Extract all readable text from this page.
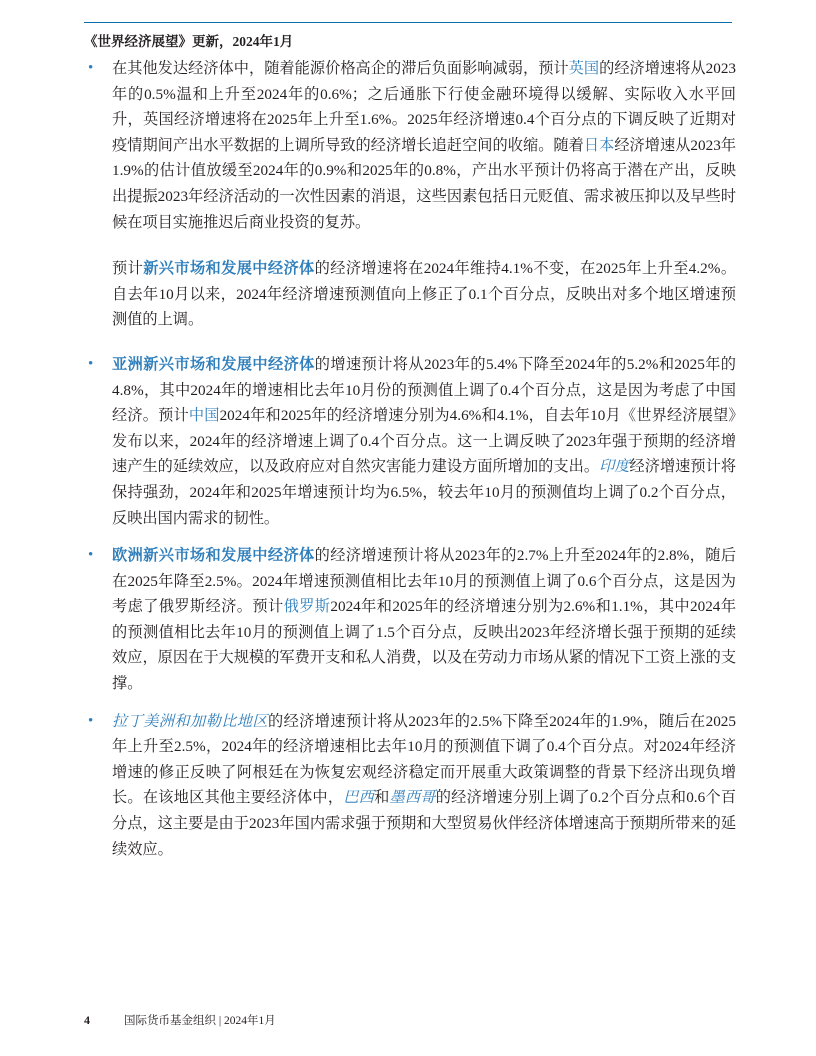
《世界经济展望》更新，2024年1月
•

在其他发达经济体中，随着能源价格高企的滞后负面影响减弱，预计英国的经济增速将从2023年的0.5%温和上升至2024年的0.6%；之后通胀下行使金融环境得以缓解、实际收入水平回升，英国经济增速将在2025年上升至1.6%。2025年经济增速0.4个百分点的下调反映了近期对疫情期间产出水平数据的上调所导致的经济增长追赶空间的收缩。随着日本经济增速从2023年1.9%的估计值放缓至2024年的0.9%和2025年的0.8%，产出水平预计仍将高于潜在产出，反映出提振2023年经济活动的一次性因素的消退，这些因素包括日元贬值、需求被压抑以及早些时候在项目实施推迟后商业投资的复苏。

预计新兴市场和发展中经济体的经济增速将在2024年维持4.1%不变，在2025年上升至4.2%。自去年10月以来，2024年经济增速预测值向上修正了0.1个百分点，反映出对多个地区增速预测值的上调。

•

亚洲新兴市场和发展中经济体的增速预计将从2023年的5.4%下降至2024年的5.2%和2025年的4.8%，其中2024年的增速相比去年10月份的预测值上调了0.4个百分点，这是因为考虑了中国经济。预计中国2024年和2025年的经济增速分别为4.6%和4.1%，自去年10月《世界经济展望》发布以来，2024年的经济增速上调了0.4个百分点。这一上调反映了2023年强于预期的经济增速产生的延续效应，以及政府应对自然灾害能力建设方面所增加的支出。印度经济增速预计将保持强劲，2024年和2025年增速预计均为6.5%，较去年10月的预测值均上调了0.2个百分点，反映出国内需求的韧性。

•

欧洲新兴市场和发展中经济体的经济增速预计将从2023年的2.7%上升至2024年的2.8%，随后在2025年降至2.5%。2024年增速预测值相比去年10月的预测值上调了0.6个百分点，这是因为考虑了俄罗斯经济。预计俄罗斯2024年和2025年的经济增速分别为2.6%和1.1%，其中2024年的预测值相比去年10月的预测值上调了1.5个百分点，反映出2023年经济增长强于预期的延续效应，原因在于大规模的军费开支和私人消费，以及在劳动力市场从紧的情况下工资上涨的支撑。

•

拉丁美洲和加勒比地区的经济增速预计将从2023年的2.5%下降至2024年的1.9%，随后在2025年上升至2.5%，2024年的经济增速相比去年10月的预测值下调了0.4个百分点。对2024年经济增速的修正反映了阿根廷在为恢复宏观经济稳定而开展重大政策调整的背景下经济出现负增长。在该地区其他主要经济体中，巴西和墨西哥的经济增速分别上调了0.2个百分点和0.6个百分点，这主要是由于2023年国内需求强于预期和大型贸易伙伴经济体增速高于预期所带来的延续效应。

4	国际货币基金组织 | 2024年1月
